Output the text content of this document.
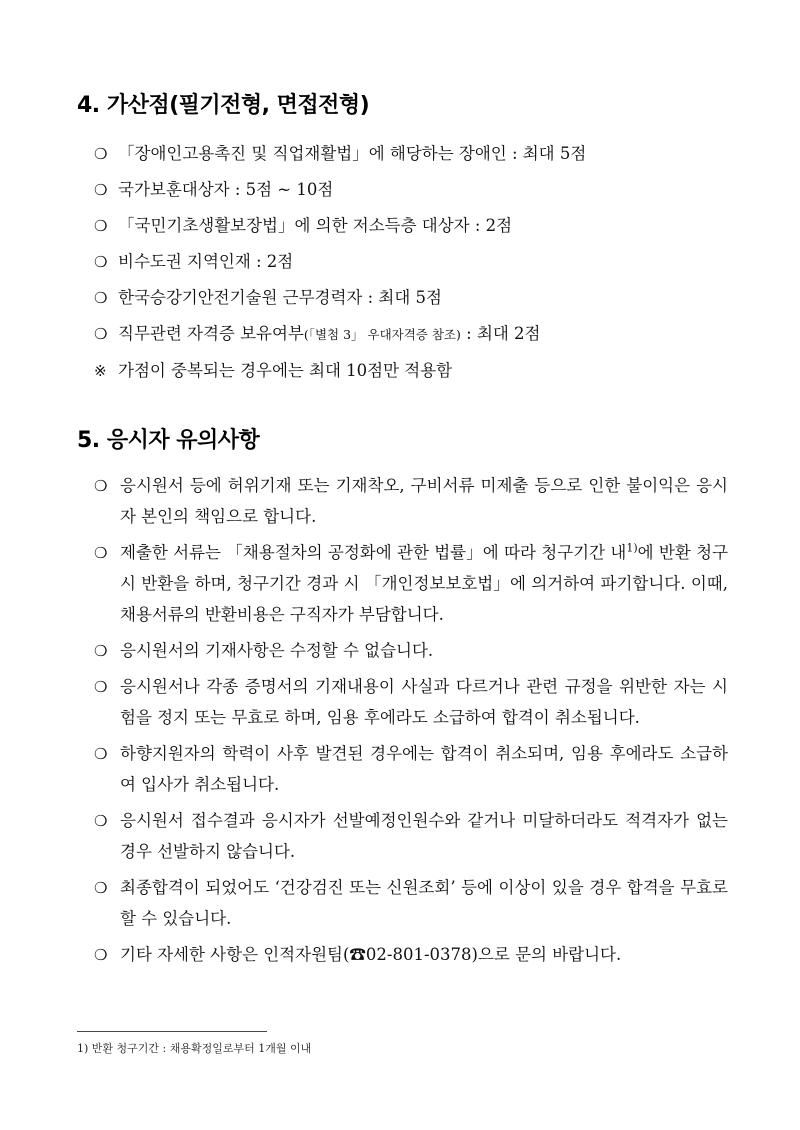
4. 가산점(필기전형, 면접전형)
❍ 「장애인고용촉진 및 직업재활법」에 해당하는 장애인 : 최대 5점
❍ 국가보훈대상자 : 5점 ~ 10점
❍ 「국민기초생활보장법」에 의한 저소득층 대상자 : 2점
❍ 비수도권 지역인재 : 2점
❍ 한국승강기안전기술원 근무경력자 : 최대 5점
❍ 직무관련 자격증 보유여부(「별첨 3」 우대자격증 참조) : 최대 2점
※ 가점이 중복되는 경우에는 최대 10점만 적용함
5. 응시자 유의사항
❍ 응시원서 등에 허위기재 또는 기재착오, 구비서류 미제출 등으로 인한 불이익은 응시자 본인의 책임으로 합니다.
❍ 제출한 서류는 「채용절차의 공정화에 관한 법률」에 따라 청구기간 내$^{1)}$에 반환 청구 시 반환을 하며, 청구기간 경과 시 「개인정보보호법」에 의거하여 파기합니다. 이때, 채용서류의 반환비용은 구직자가 부담합니다.
❍ 응시원서의 기재사항은 수정할 수 없습니다.
❍ 응시원서나 각종 증명서의 기재내용이 사실과 다르거나 관련 규정을 위반한 자는 시험을 정지 또는 무효로 하며, 임용 후에라도 소급하여 합격이 취소됩니다.
❍ 하향지원자의 학력이 사후 발견된 경우에는 합격이 취소되며, 임용 후에라도 소급하여 입사가 취소됩니다.
❍ 응시원서 접수결과 응시자가 선발예정인원수와 같거나 미달하더라도 적격자가 없는 경우 선발하지 않습니다.
❍ 최종합격이 되었어도 ‘건강검진 또는 신원조회’ 등에 이상이 있을 경우 합격을 무효로 할 수 있습니다.
❍ 기타 자세한 사항은 인적자원팀(☎02-801-0378)으로 문의 바랍니다.
1) 반환 청구기간 : 채용확정일로부터 1개월 이내
